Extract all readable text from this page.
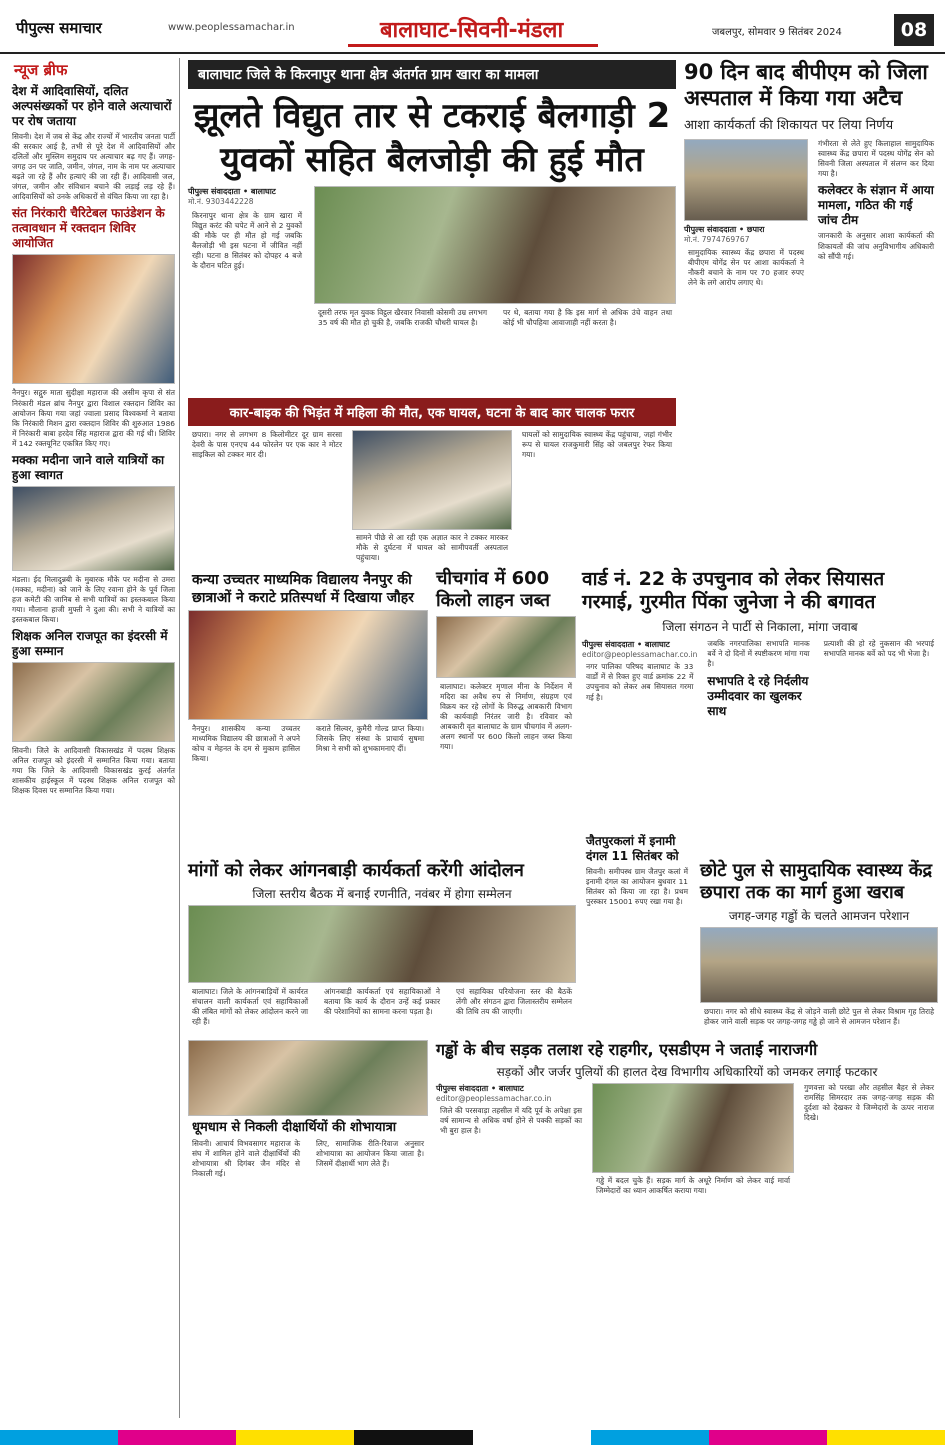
पीपुल्स समाचार	www.peoplessamachar.in	बालाघाट-सिवनी-मंडला	जबलपुर, सोमवार 9 सितंबर 2024	08
न्यूज ब्रीफ
देश में आदिवासियों, दलित अल्पसंख्यकों पर होने वाले अत्याचारों पर रोष जताया
सिवनी। देश में जब से केंद्र और राज्यों में भारतीय जनता पार्टी की सरकार आई है, तभी से पूरे देश में आदिवासियों और दलितों और मुस्लिम समुदाय पर अत्याचार बढ़ गए हैं। जगह-जगह उन पर जाति, जमीन, जंगल, नाम के नाम पर अत्याचार बढ़ते जा रहे हैं और हत्याएं की जा रही हैं। आदिवासी जल, जंगल, जमीन और संविधान बचाने की लड़ाई लड़ रहे हैं। आदिवासियों को उनके अधिकारों से वंचित किया जा रहा है।
संत निरंकारी चैरिटेबल फाउंडेशन के तत्वावधान में रक्तदान शिविर आयोजित
नैनपुर। सद्गुरु माता सुदीक्षा महाराज की असीम कृपा से संत निरंकारी मंडल ब्रांच नैनपुर द्वारा विशाल रक्तदान शिविर का आयोजन किया गया जहां ज्वाला प्रसाद विश्वकर्मा ने बताया कि निरंकारी मिशन द्वारा रक्तदान शिविर की शुरुआत 1986 में निरंकारी बाबा हरदेव सिंह महाराज द्वारा की गई थी। शिविर में 142 रक्तयूनिट एकत्रित किए गए।
मक्का मदीना जाने वाले यात्रियों का हुआ स्वागत
मंडला। ईद मिलादुन्नबी के मुबारक मौके पर मदीना से उमरा (मक्का, मदीना) को जाने के लिए रवाना होने के पूर्व जिला हज कमेटी की जानिब से सभी यात्रियों का इस्तकबाल किया गया। मौलाना हाजी मुफ्ती ने दुआ की। सभी ने यात्रियों का इस्तकबाल किया।
शिक्षक अनिल राजपूत का इंदरसी में हुआ सम्मान
सिवनी। जिले के आदिवासी विकासखंड में पदस्थ शिक्षक अनिल राजपूत को इंदरसी में सम्मानित किया गया। बताया गया कि जिले के आदिवासी विकासखंड कुरई अंतर्गत शासकीय हाईस्कूल में पदस्थ शिक्षक अनिल राजपूत को शिक्षक दिवस पर सम्मानित किया गया।
बालाघाट जिले के किरनापुर थाना क्षेत्र अंतर्गत ग्राम खारा का मामला
झूलते विद्युत तार से टकराई बैलगाड़ी 2 युवकों सहित बैलजोड़ी की हुई मौत
पीपुल्स संवाददाता • बालाघाट
मो.नं. 9303442228
किरनापुर थाना क्षेत्र के ग्राम खारा में विद्युत करंट की चपेट में आने से 2 युवकों की मौके पर ही मौत हो गई जबकि बैलजोड़ी भी इस घटना में जीवित नहीं रही। घटना 8 सितंबर को दोपहर 4 बजे के दौरान घटित हुई।
दूसरी तरफ मृत युवक विट्ठल खैरवार निवासी कोसमी उम्र लगभग 35 वर्ष की मौत हो चुकी है, जबकि राजकी चौधरी घायल है।
पर थे, बताया गया है कि इस मार्ग से अधिक उंचे वाहन तथा कोई भी चौपहिया आवाजाही नहीं करता है।
90 दिन बाद बीपीएम को जिला अस्पताल में किया गया अटैच
आशा कार्यकर्ता की शिकायत पर लिया निर्णय
पीपुल्स संवाददाता • छपारा
मो.नं. 7974769767
सामुदायिक स्वास्थ्य केंद्र छपारा में पदस्थ बीपीएम योगेंद्र सेन पर आशा कार्यकर्ता ने नौकरी बचाने के नाम पर 70 हजार रुपए लेने के लगे आरोप लगाए थे।
गंभीरता से लेते हुए किलाहाल सामुदायिक स्वास्थ्य केंद्र छपारा में पदस्थ योगेंद्र सेन को सिवनी जिला अस्पताल में संलग्न कर दिया गया है।
कलेक्टर के संज्ञान में आया मामला, गठित की गई जांच टीम
जानकारी के अनुसार आशा कार्यकर्ता की शिकायतों की जांच अनुविभागीय अधिकारी को सौंपी गई।
कार-बाइक की भिड़ंत में महिला की मौत, एक घायल, घटना के बाद कार चालक फरार
छपारा। नगर से लगभग 8 किलोमीटर दूर ग्राम सरसा देवरी के पास एनएच 44 फोरलेन पर एक कार ने मोटर साइकिल को टक्कर मार दी।
सामने पीछे से आ रही एक अज्ञात कार ने टक्कर मारकर मौके से दुर्घटना में घायल को सामीपवर्ती अस्पताल पहुंचाया।
घायलों को सामुदायिक स्वास्थ्य केंद्र पहुंचाया, जहां गंभीर रूप से घायल राजकुमारी सिंह को जबलपुर रेफर किया गया।
कन्या उच्चतर माध्यमिक विद्यालय नैनपुर की छात्राओं ने कराटे प्रतिस्पर्धा में दिखाया जौहर
नैनपुर। शासकीय कन्या उच्चतर माध्यमिक विद्यालय की छात्राओं ने अपने कोच व मेहनत के दम से मुकाम हासिल किया।
कराते सिल्वर, कुमैरी गोल्ड प्राप्त किया। जिसके लिए संस्था के प्राचार्य सुषमा मिश्रा ने सभी को शुभकामनाएं दीं।
चीचगांव में 600 किलो लाहन जब्त
बालाघाट। कलेक्टर मृणाल मीना के निर्देशन में मदिरा का अवैध रुप से निर्माण, संग्रहण एवं विक्रय कर रहे लोगों के विरुद्ध आबकारी विभाग की कार्यवाही निरंतर जारी है। रविवार को आबकारी वृत बालाघाट के ग्राम चीचगांव में अलग-अलग स्थानों पर 600 किलो लाहन जब्त किया गया।
वार्ड नं. 22 के उपचुनाव को लेकर सियासत गरमाई, गुरमीत पिंका जुनेजा ने की बगावत
जिला संगठन ने पार्टी से निकाला, मांगा जवाब
पीपुल्स संवाददाता • बालाघाट
editor@peoplessamachar.co.in
नगर पालिका परिषद बालाघाट के 33 वार्डों में से रिक्त हुए वार्ड क्रमांक 22 में उपचुनाव को लेकर अब सियासत गरमा गई है।
जबकि नगरपालिका सभापति मानक बर्वे ने दो दिनों में स्पष्टीकरण मांगा गया है।
सभापति दे रहे निर्दलीय उम्मीदवार का खुलकर साथ
प्रत्याशी की हो रहे नुकसान की भरपाई सभापति मानक बर्वे को पद भी भेजा है।
जैतपुरकलां में इनामी दंगल 11 सितंबर को
सिवनी। समीपस्थ ग्राम जैतपुर कलां में इनामी दंगल का आयोजन बुधवार 11 सितंबर को किया जा रहा है। प्रथम पुरस्कार 15001 रुपए रखा गया है।
मांगों को लेकर आंगनबाड़ी कार्यकर्ता करेंगी आंदोलन
जिला स्तरीय बैठक में बनाई रणनीति, नवंबर में होगा सम्मेलन
बालाघाट। जिले के आंगनबाड़ियों में कार्यरत संचालन वाली कार्यकर्ता एवं सहायिकाओं की लंबित मांगों को लेकर आंदोलन करने जा रही हैं।
आंगनबाड़ी कार्यकर्ता एवं सहायिकाओं ने बताया कि कार्य के दौरान उन्हें कई प्रकार की परेशानियों का सामना करना पड़ता है।
एवं सहायिका परियोजना स्तर की बैठकें लेंगी और संगठन द्वारा जिलास्तरीय सम्मेलन की तिथि तय की जाएगी।
छोटे पुल से सामुदायिक स्वास्थ्य केंद्र छपारा तक का मार्ग हुआ खराब
जगह-जगह गड्ढों के चलते आमजन परेशान
छपारा। नगर को सीधे स्वास्थ्य केंद्र से जोड़ने वाली छोटे पुल से लेकर विश्राम गृह तिराहे होकर जाने वाली सड़क पर जगह-जगह गड्ढे हो जाने से आमजन परेशान हैं।
धूमधाम से निकली दीक्षार्थियों की शोभायात्रा
सिवनी। आचार्य विभवसागर महाराज के संघ में शामिल होने वाले दीक्षार्थियों की शोभायात्रा श्री दिगंबर जैन मंदिर से निकाली गई।
लिए, सामाजिक रीति-रिवाज अनुसार शोभायात्रा का आयोजन किया जाता है। जिसमें दीक्षार्थी भाग लेते हैं।
गड्ढों के बीच सड़क तलाश रहे राहगीर, एसडीएम ने जताई नाराजगी
सड़कों और जर्जर पुलियों की हालत देख विभागीय अधिकारियों को जमकर लगाई फटकार
पीपुल्स संवाददाता • बालाघाट
editor@peoplessamachar.co.in
जिले की परसवाड़ा तहसील में यदि पूर्व के अपेक्षा इस वर्ष सामान्य से अधिक वर्षा होने से पक्की सड़कों का भी बुरा हाल है।
गड्ढे में बदल चुके हैं। सड़क मार्ग के अधूरे निर्माण को लेकर वाई मार्वा जिम्मेदारों का ध्यान आकर्षित कराया गया।
गुणवत्ता को परखा और तहसील बैहर से लेकर रामसिंह सिमरदार तक जगह-जगह सड़क की दुर्दशा को देखकर वे जिम्मेदारों के ऊपर नाराज दिखे।
